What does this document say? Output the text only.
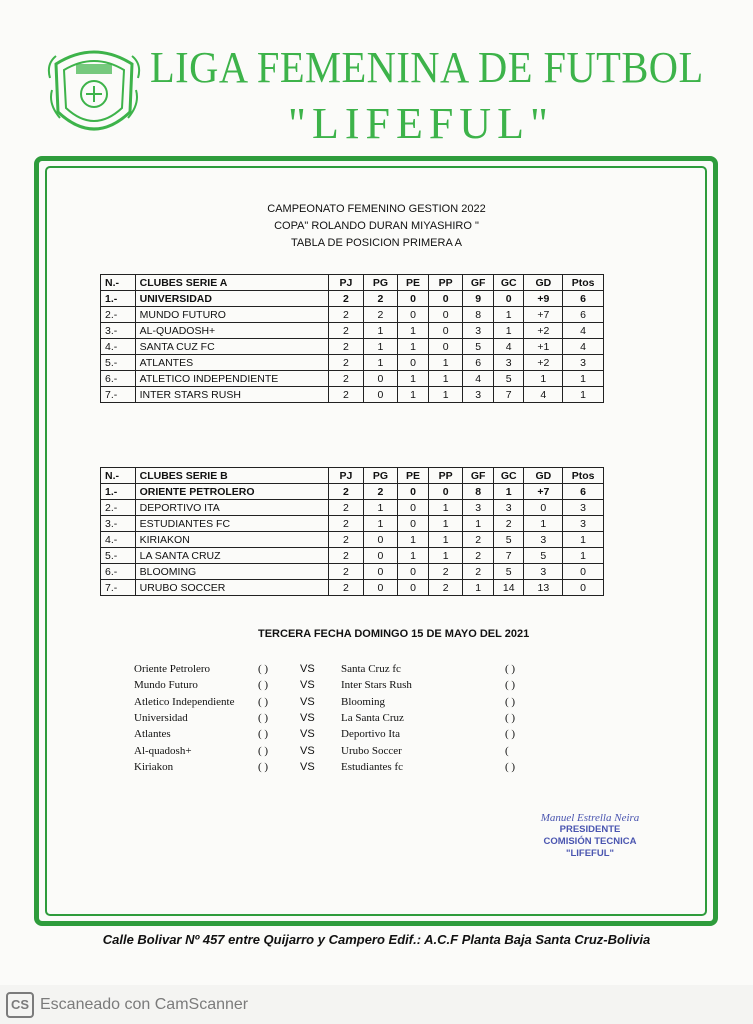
LIGA FEMENINA DE FUTBOL
"LIFEFUL"
CAMPEONATO FEMENINO GESTION 2022
COPA" ROLANDO DURAN MIYASHIRO "
TABLA DE POSICION PRIMERA A
N.-	CLUBES SERIE A	PJ	PG	PE	PP	GF	GC	GD	Ptos
1.-	UNIVERSIDAD	2	2	0	0	9	0	+9	6
2.-	MUNDO FUTURO	2	2	0	0	8	1	+7	6
3.-	AL-QUADOSH+	2	1	1	0	3	1	+2	4
4.-	SANTA CUZ FC	2	1	1	0	5	4	+1	4
5.-	ATLANTES	2	1	0	1	6	3	+2	3
6.-	ATLETICO INDEPENDIENTE	2	0	1	1	4	5	1	1
7.-	INTER STARS RUSH	2	0	1	1	3	7	4	1
N.-	CLUBES SERIE B	PJ	PG	PE	PP	GF	GC	GD	Ptos
1.-	ORIENTE PETROLERO	2	2	0	0	8	1	+7	6
2.-	DEPORTIVO ITA	2	1	0	1	3	3	0	3
3.-	ESTUDIANTES FC	2	1	0	1	1	2	1	3
4.-	KIRIAKON	2	0	1	1	2	5	3	1
5.-	LA SANTA CRUZ	2	0	1	1	2	7	5	1
6.-	BLOOMING	2	0	0	2	2	5	3	0
7.-	URUBO SOCCER	2	0	0	2	1	14	13	0
TERCERA FECHA DOMINGO 15 DE MAYO DEL 2021
Oriente Petrolero	( )	VS Santa Cruz fc	( )
Mundo Futuro	( )	VS Inter Stars Rush	( )
Atletico Independiente ( )	VS Blooming	( )
Universidad	( )	VS La Santa Cruz	( )
Atlantes	( )	VS Deportivo Ita	( )
Al-quadosh+	( )	VS Urubo Soccer	(
Kiriakon	( )	VS Estudiantes fc	( )
Manuel Estrella Neira
PRESIDENTE
COMISIÓN TECNICA
"LIFEFUL"
Calle Bolivar Nº 457 entre Quijarro y Campero Edif.: A.C.F Planta Baja Santa Cruz-Bolivia
CS Escaneado con CamScanner
